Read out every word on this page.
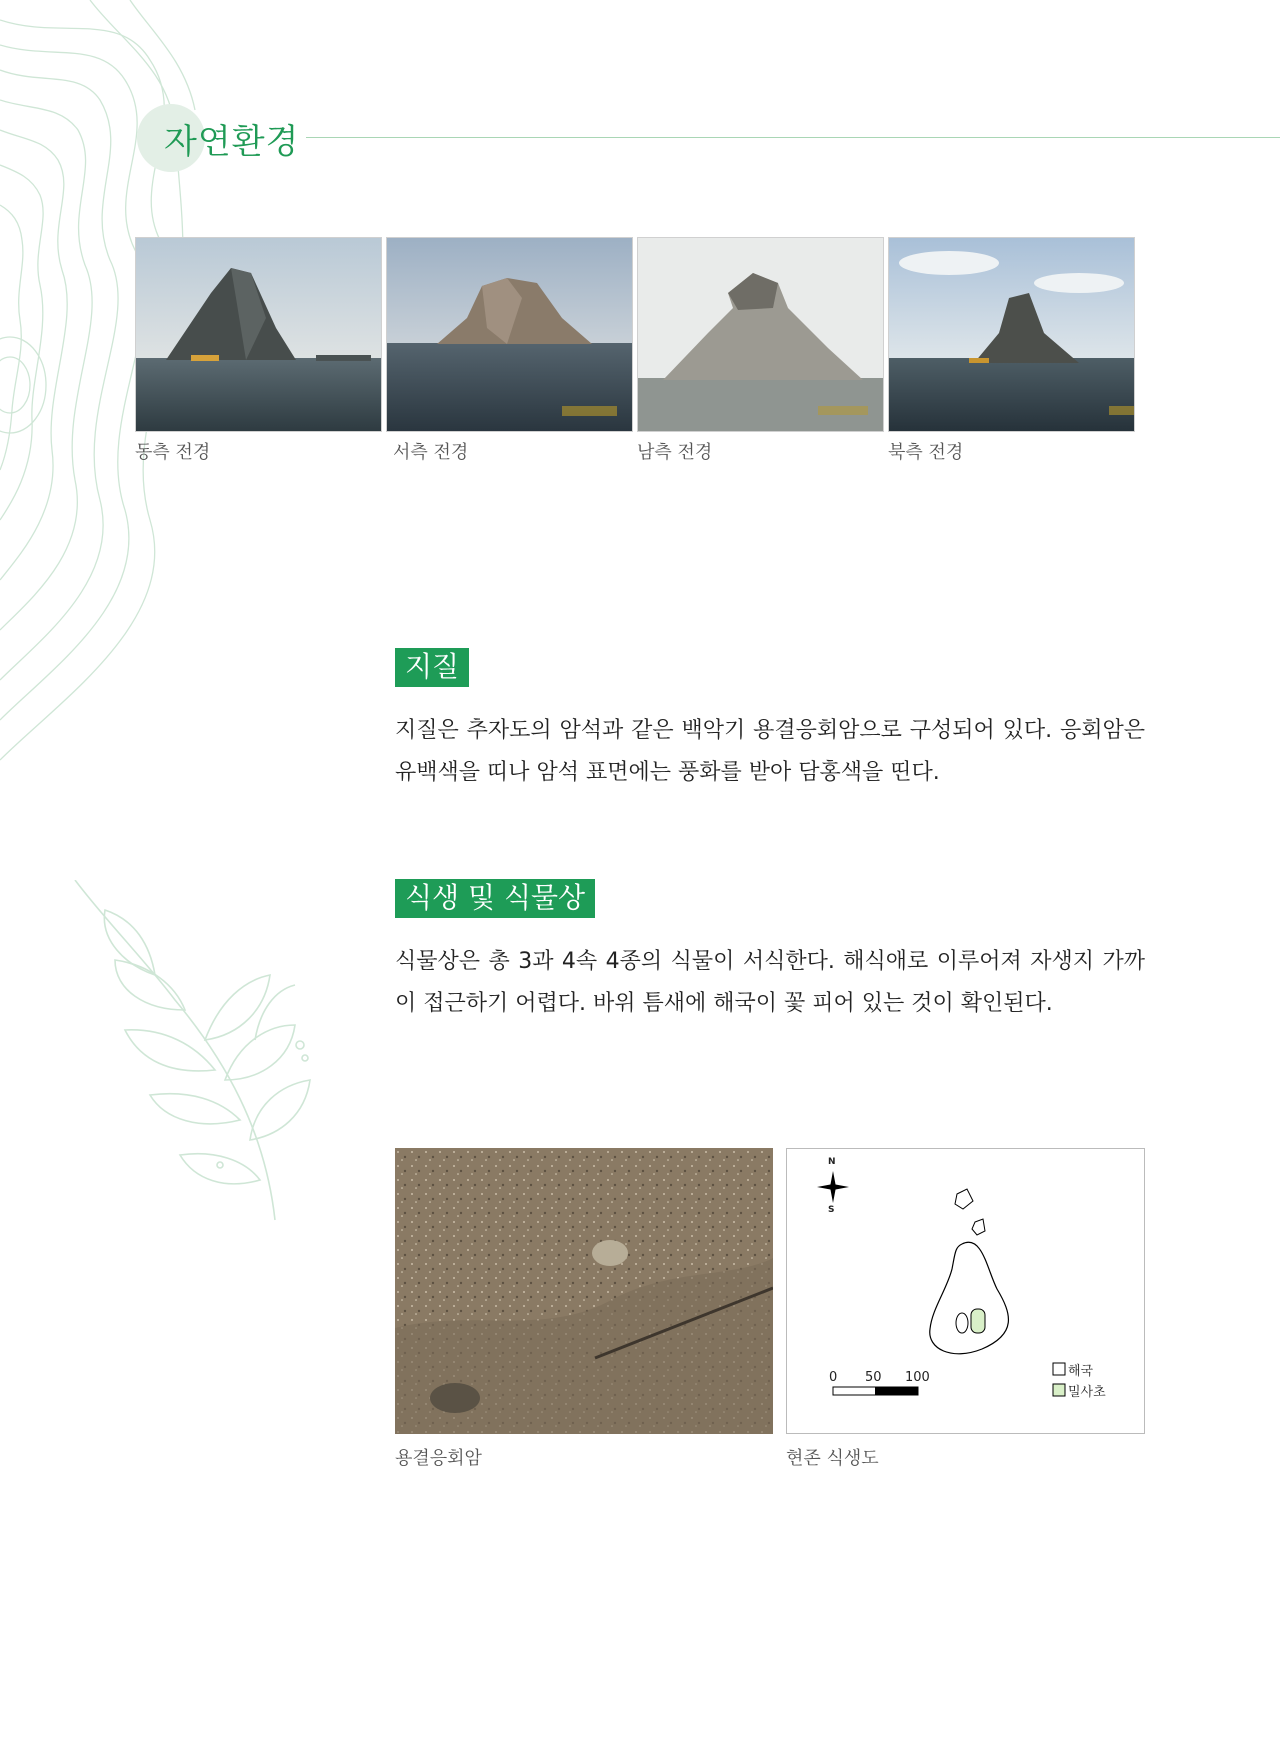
자연환경
동측 전경	서측 전경	남측 전경	북측 전경
지질
지질은 추자도의 암석과 같은 백악기 용결응회암으로 구성되어 있다. 응회암은 유백색을 띠나 암석 표면에는 풍화를 받아 담홍색을 띤다.
식생 및 식물상
식물상은 총 3과 4속 4종의 식물이 서식한다. 해식애로 이루어져 자생지 가까이 접근하기 어렵다. 바위 틈새에 해국이 꽃 피어 있는 것이 확인된다.
N
S
0 50 100	해국
밀사초
용결응회암	현존 식생도
